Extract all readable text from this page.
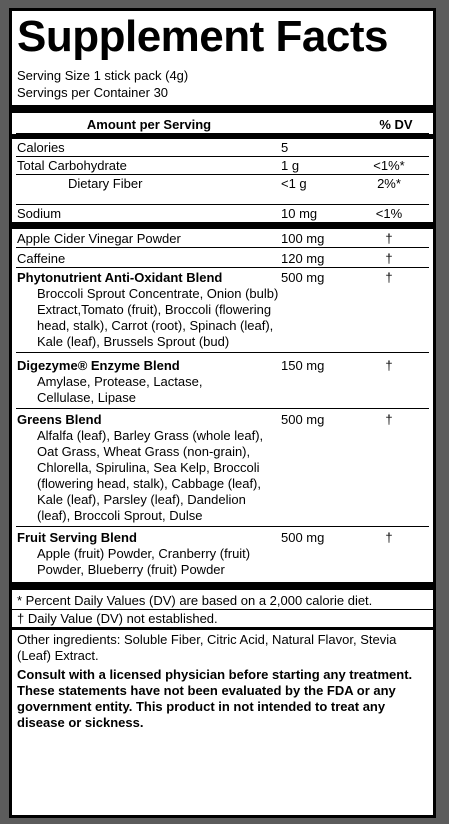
Supplement Facts
Serving Size 1 stick pack (4g)
Servings per Container 30
Amount per Serving	% DV
Calories	5
Total Carbohydrate	1 g	<1%*
Dietary Fiber	<1 g	2%*
Sodium	10 mg	<1%
Apple Cider Vinegar Powder	100 mg	†
Caffeine	120 mg	†
Phytonutrient Anti-Oxidant Blend	500 mg	†
Broccoli Sprout Concentrate, Onion (bulb) Extract,Tomato (fruit), Broccoli (flowering head, stalk), Carrot (root), Spinach (leaf), Kale (leaf), Brussels Sprout (bud)
Digezyme® Enzyme Blend	150 mg	†
Amylase, Protease, Lactase, Cellulase, Lipase
Greens Blend	500 mg	†
Alfalfa (leaf), Barley Grass (whole leaf), Oat Grass, Wheat Grass (non-grain), Chlorella, Spirulina, Sea Kelp, Broccoli (flowering head, stalk), Cabbage (leaf), Kale (leaf), Parsley (leaf), Dandelion (leaf), Broccoli Sprout, Dulse
Fruit Serving Blend	500 mg	†
Apple (fruit) Powder, Cranberry (fruit) Powder, Blueberry (fruit) Powder
* Percent Daily Values (DV) are based on a 2,000 calorie diet.
† Daily Value (DV) not established.
Other ingredients: Soluble Fiber, Citric Acid, Natural Flavor, Stevia (Leaf) Extract.
Consult with a licensed physician before starting any treatment. These statements have not been evaluated by the FDA or any government entity. This product in not intended to treat any disease or sickness.
